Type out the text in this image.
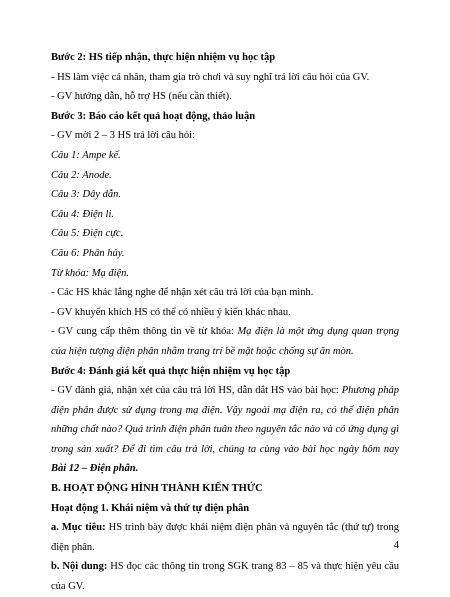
Bước 2: HS tiếp nhận, thực hiện nhiệm vụ học tập

- HS làm việc cá nhân, tham gia trò chơi và suy nghĩ trả lời câu hỏi của GV.

- GV hướng dẫn, hỗ trợ HS (nếu cần thiết).

Bước 3: Báo cáo kết quả hoạt động, thảo luận

- GV mời 2 – 3 HS trả lời câu hỏi:

Câu 1: Ampe kế.

Câu 2: Anode.

Câu 3: Dây dẫn.

Câu 4: Điện li.

Câu 5: Điện cực.

Câu 6: Phân hủy.

Từ khóa: Mạ điện.

- Các HS khác lắng nghe để nhận xét câu trả lời của bạn mình.

- GV khuyến khích HS có thể có nhiều ý kiến khác nhau.

- GV cung cấp thêm thông tin về từ khóa: Mạ điện là một ứng dụng quan trọng của hiện tượng điện phân nhằm trang trí bề mặt hoặc chống sự ăn mòn.

Bước 4: Đánh giá kết quả thực hiện nhiệm vụ học tập

- GV đánh giá, nhận xét của câu trả lời HS, dẫn dắt HS vào bài học: Phương pháp điện phân được sử dụng trong mạ điện. Vậy ngoài mạ điện ra, có thể điện phân những chất nào? Quá trình điện phân tuân theo nguyên tắc nào và có ứng dụng gì trong sản xuất? Để đi tìm câu trả lời, chúng ta cùng vào bài học ngày hôm nay Bài 12 – Điện phân.

B. HOẠT ĐỘNG HÌNH THÀNH KIẾN THỨC

Hoạt động 1. Khái niệm và thứ tự điện phân

a. Mục tiêu: HS trình bày được khái niệm điện phân và nguyên tắc (thứ tự) trong điện phân.

b. Nội dung: HS đọc các thông tin trong SGK trang 83 – 85 và thực hiện yêu cầu của GV.

4
